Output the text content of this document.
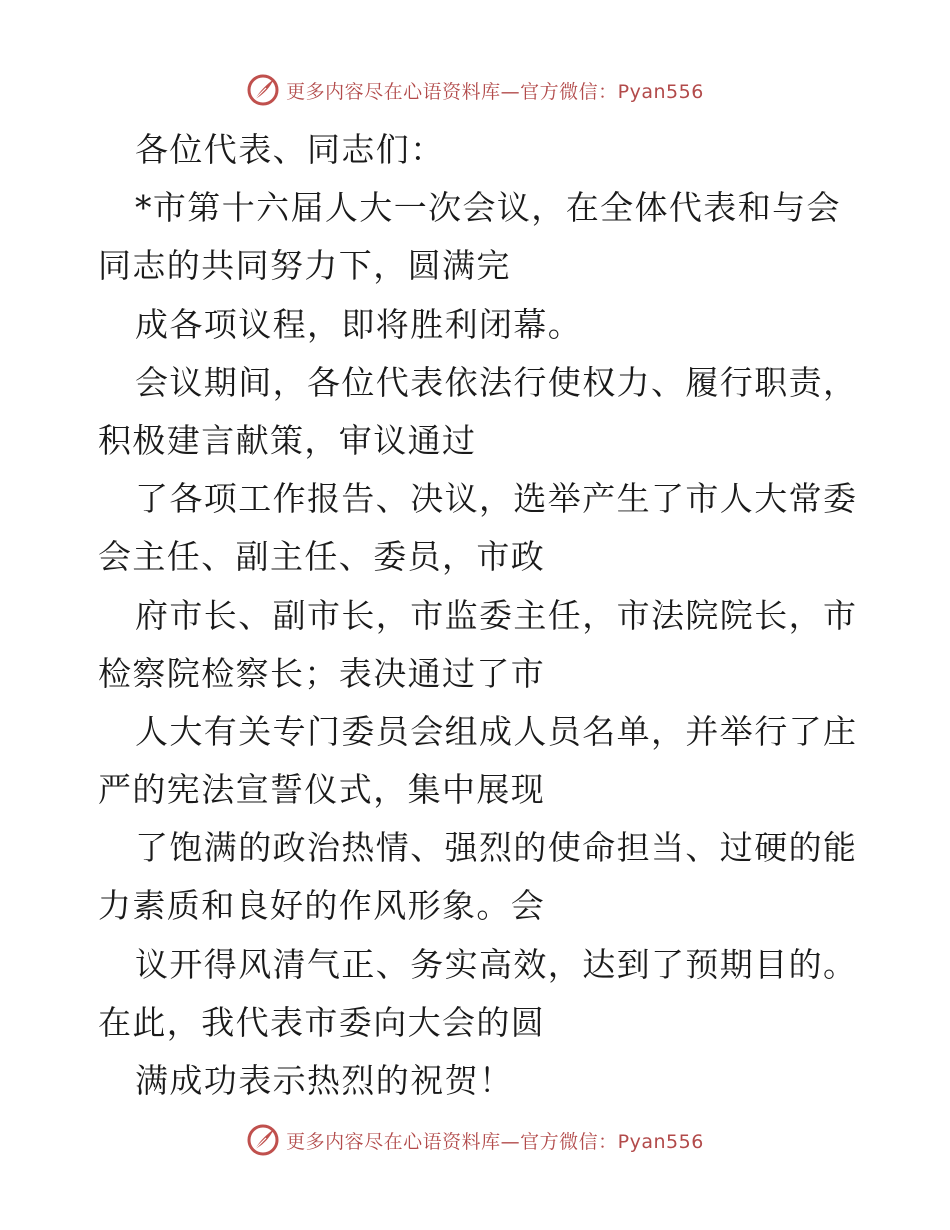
更多内容尽在心语资料库—官方微信：Pyan556
各位代表、同志们：
*市第十六届人大一次会议，在全体代表和与会
同志的共同努力下，圆满完
成各项议程，即将胜利闭幕。
会议期间，各位代表依法行使权力、履行职责，
积极建言献策，审议通过
了各项工作报告、决议，选举产生了市人大常委
会主任、副主任、委员，市政
府市长、副市长，市监委主任，市法院院长，市
检察院检察长；表决通过了市
人大有关专门委员会组成人员名单，并举行了庄
严的宪法宣誓仪式，集中展现
了饱满的政治热情、强烈的使命担当、过硬的能
力素质和良好的作风形象。会
议开得风清气正、务实高效，达到了预期目的。
在此，我代表市委向大会的圆
满成功表示热烈的祝贺！
更多内容尽在心语资料库—官方微信：Pyan556
